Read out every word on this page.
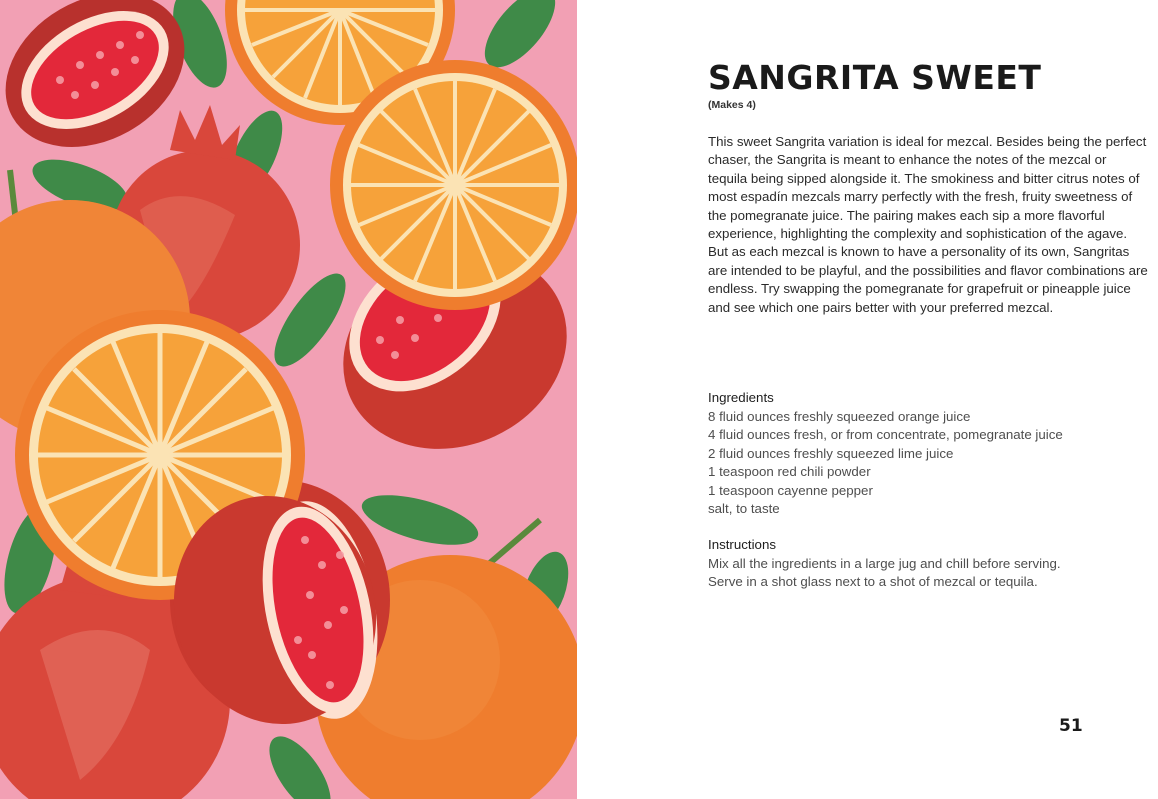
SANGRITA SWEET
(Makes 4)

This sweet Sangrita variation is ideal for mezcal. Besides being the perfect chaser, the Sangrita is meant to enhance the notes of the mezcal or tequila being sipped alongside it. The smokiness and bitter citrus notes of most espadín mezcals marry perfectly with the fresh, fruity sweetness of the pomegranate juice. The pairing makes each sip a more flavorful experience, highlighting the complexity and sophistication of the agave. But as each mezcal is known to have a personality of its own, Sangritas are intended to be playful, and the possibilities and flavor combinations are endless. Try swapping the pomegranate for grapefruit or pineapple juice and see which one pairs better with your preferred mezcal.

Ingredients
8 fluid ounces freshly squeezed orange juice
4 fluid ounces fresh, or from concentrate, pomegranate juice
2 fluid ounces freshly squeezed lime juice
1 teaspoon red chili powder
1 teaspoon cayenne pepper
salt, to taste
Instructions
Mix all the ingredients in a large jug and chill before serving.
Serve in a shot glass next to a shot of mezcal or tequila.
51
